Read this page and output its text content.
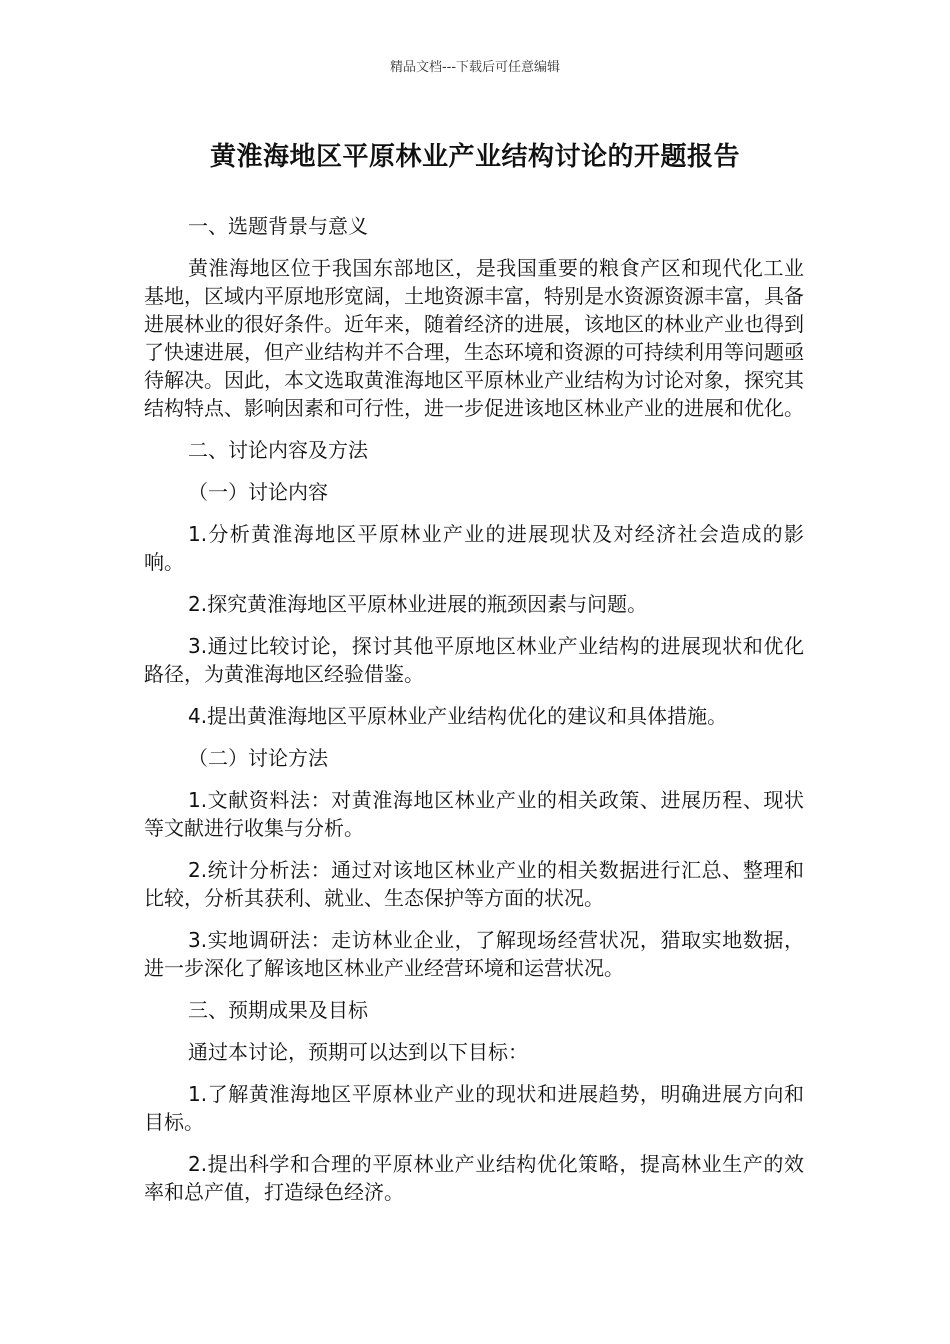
精品文档---下载后可任意编辑
黄淮海地区平原林业产业结构讨论的开题报告

一、选题背景与意义

黄淮海地区位于我国东部地区，是我国重要的粮食产区和现代化工业基地，区域内平原地形宽阔，土地资源丰富，特别是水资源资源丰富，具备进展林业的很好条件。近年来，随着经济的进展，该地区的林业产业也得到了快速进展，但产业结构并不合理，生态环境和资源的可持续利用等问题亟待解决。因此，本文选取黄淮海地区平原林业产业结构为讨论对象，探究其结构特点、影响因素和可行性，进一步促进该地区林业产业的进展和优化。

二、讨论内容及方法

（一）讨论内容

1.分析黄淮海地区平原林业产业的进展现状及对经济社会造成的影响。

2.探究黄淮海地区平原林业进展的瓶颈因素与问题。

3.通过比较讨论，探讨其他平原地区林业产业结构的进展现状和优化路径，为黄淮海地区经验借鉴。

4.提出黄淮海地区平原林业产业结构优化的建议和具体措施。

（二）讨论方法

1.文献资料法：对黄淮海地区林业产业的相关政策、进展历程、现状等文献进行收集与分析。

2.统计分析法：通过对该地区林业产业的相关数据进行汇总、整理和比较，分析其获利、就业、生态保护等方面的状况。

3.实地调研法：走访林业企业，了解现场经营状况，猎取实地数据，进一步深化了解该地区林业产业经营环境和运营状况。

三、预期成果及目标

通过本讨论，预期可以达到以下目标：

1.了解黄淮海地区平原林业产业的现状和进展趋势，明确进展方向和目标。

2.提出科学和合理的平原林业产业结构优化策略，提高林业生产的效率和总产值，打造绿色经济。
